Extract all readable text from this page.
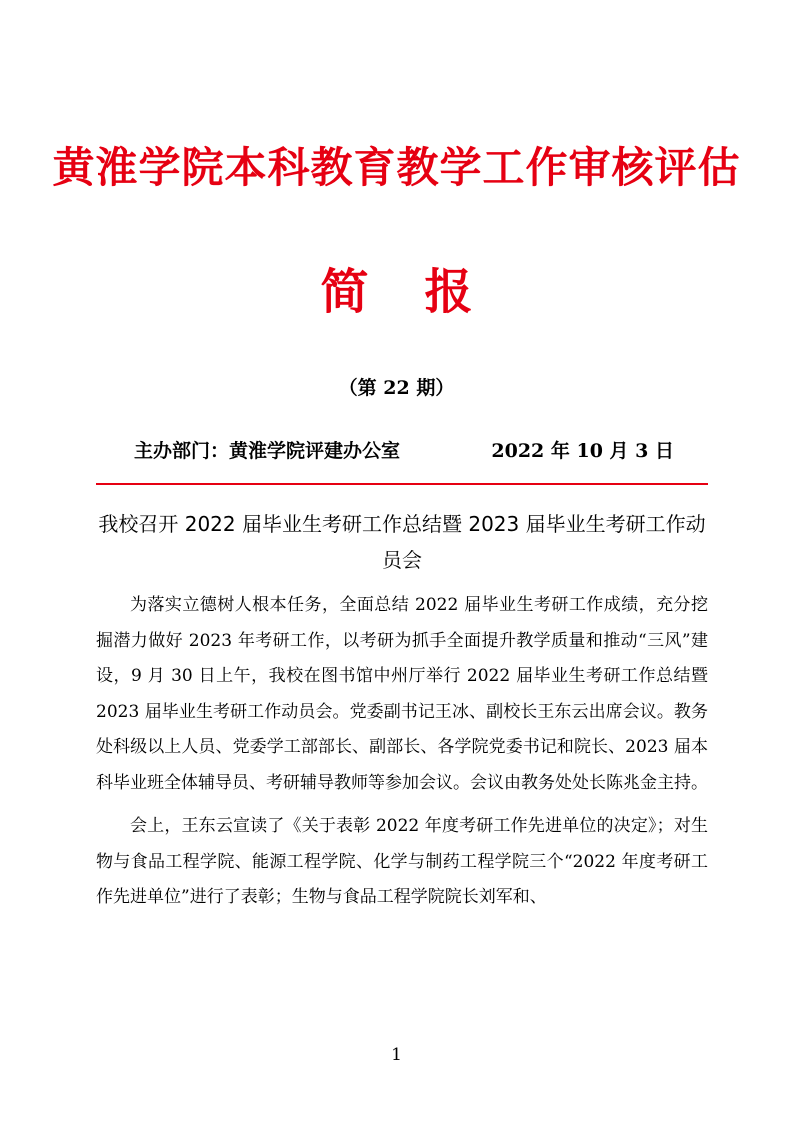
黄淮学院本科教育教学工作审核评估
简 报
（第 22 期）
主办部门：黄淮学院评建办公室	2022 年 10 月 3 日
我校召开 2022 届毕业生考研工作总结暨 2023 届毕业生考研工作动员会

为落实立德树人根本任务，全面总结 2022 届毕业生考研工作成绩，充分挖掘潜力做好 2023 年考研工作，以考研为抓手全面提升教学质量和推动“三风”建设，9 月 30 日上午，我校在图书馆中州厅举行 2022 届毕业生考研工作总结暨 2023 届毕业生考研工作动员会。党委副书记王冰、副校长王东云出席会议。教务处科级以上人员、党委学工部部长、副部长、各学院党委书记和院长、2023 届本科毕业班全体辅导员、考研辅导教师等参加会议。会议由教务处处长陈兆金主持。

会上，王东云宣读了《关于表彰 2022 年度考研工作先进单位的决定》；对生物与食品工程学院、能源工程学院、化学与制药工程学院三个“2022 年度考研工作先进单位”进行了表彰；生物与食品工程学院院长刘军和、

1
